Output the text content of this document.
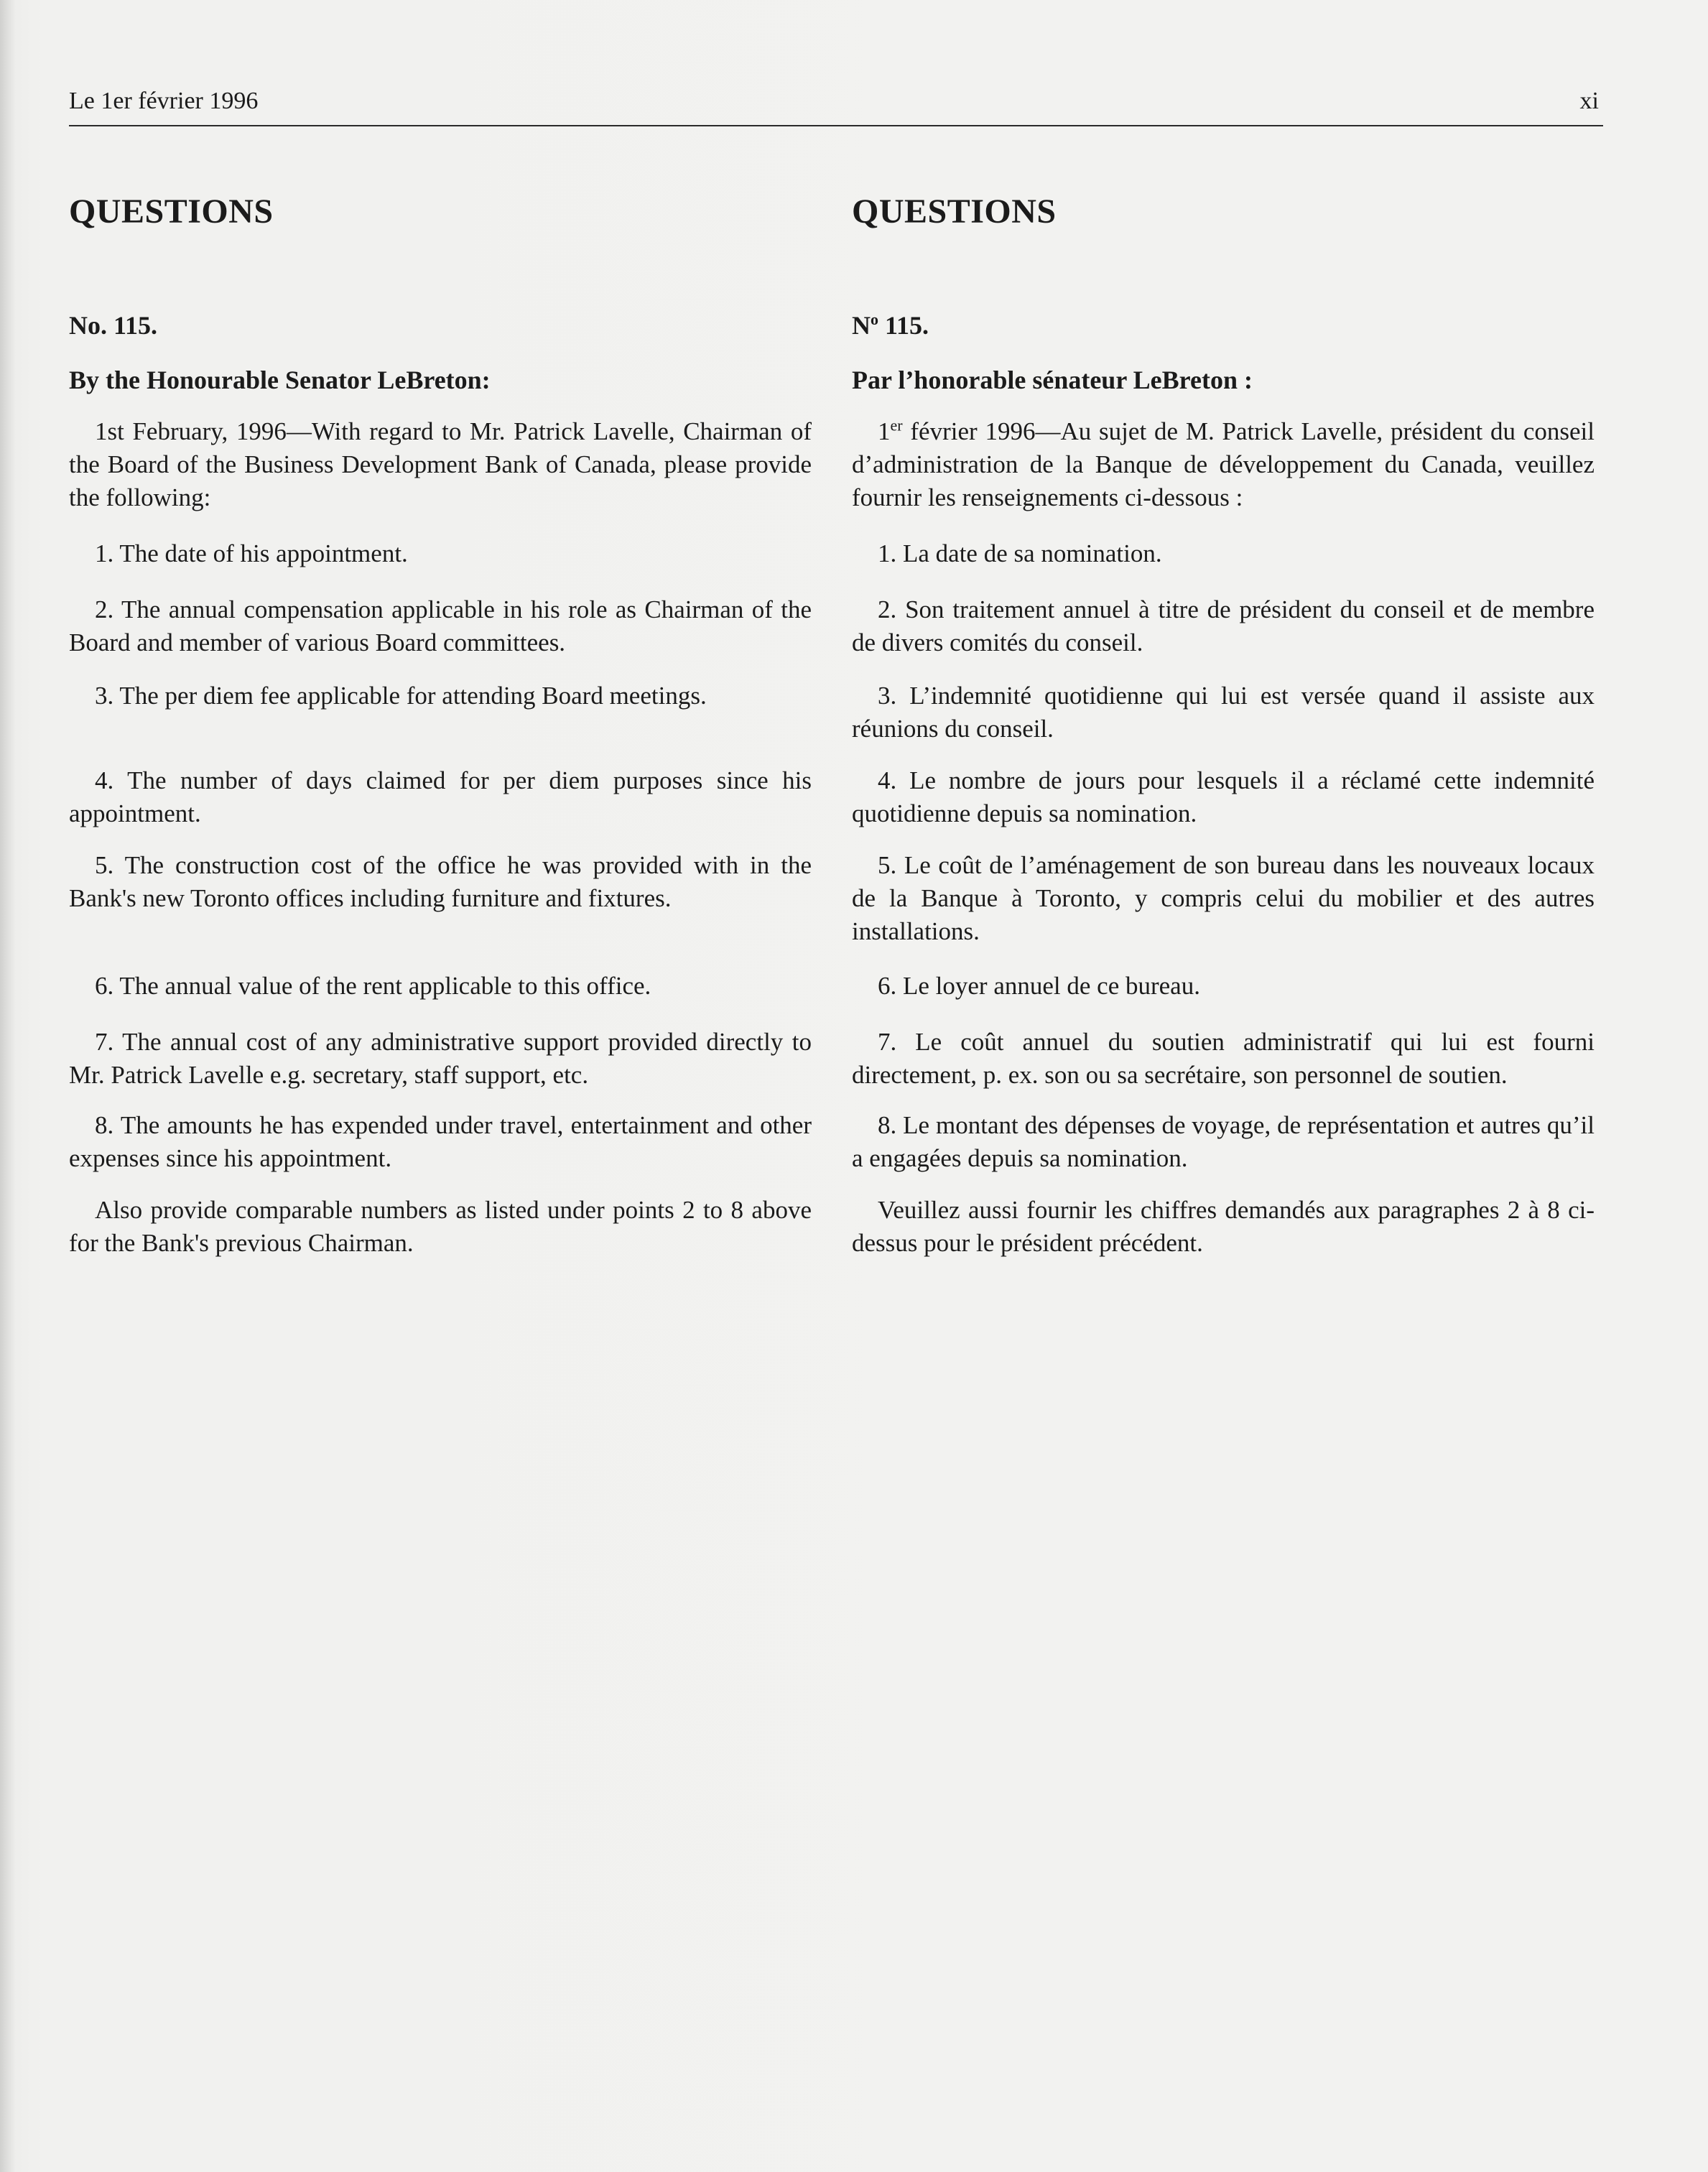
Le 1er février 1996	xi
QUESTIONS
No. 115.
By the Honourable Senator LeBreton:

1st February, 1996—With regard to Mr. Patrick Lavelle, Chairman of the Board of the Business Development Bank of Canada, please provide the following:

1. The date of his appointment.

2. The annual compensation applicable in his role as Chairman of the Board and member of various Board committees.

3. The per diem fee applicable for attending Board meetings.

4. The number of days claimed for per diem purposes since his appointment.

5. The construction cost of the office he was provided with in the Bank's new Toronto offices including furniture and fixtures.

6. The annual value of the rent applicable to this office.

7. The annual cost of any administrative support provided directly to Mr. Patrick Lavelle e.g. secretary, staff support, etc.

8. The amounts he has expended under travel, entertainment and other expenses since his appointment.

Also provide comparable numbers as listed under points 2 to 8 above for the Bank's previous Chairman.

QUESTIONS
$N^o$ 115.
Par l’honorable sénateur LeBreton :

1er février 1996—Au sujet de M. Patrick Lavelle, président du conseil d’administration de la Banque de développement du Canada, veuillez fournir les renseignements ci-dessous :

1. La date de sa nomination.

2. Son traitement annuel à titre de président du conseil et de membre de divers comités du conseil.

3. L’indemnité quotidienne qui lui est versée quand il assiste aux réunions du conseil.

4. Le nombre de jours pour lesquels il a réclamé cette indemnité quotidienne depuis sa nomination.

5. Le coût de l’aménagement de son bureau dans les nouveaux locaux de la Banque à Toronto, y compris celui du mobilier et des autres installations.

6. Le loyer annuel de ce bureau.

7. Le coût annuel du soutien administratif qui lui est fourni directement, p. ex. son ou sa secrétaire, son personnel de soutien.

8. Le montant des dépenses de voyage, de représentation et autres qu’il a engagées depuis sa nomination.

Veuillez aussi fournir les chiffres demandés aux paragraphes 2 à 8 ci-dessus pour le président précédent.
